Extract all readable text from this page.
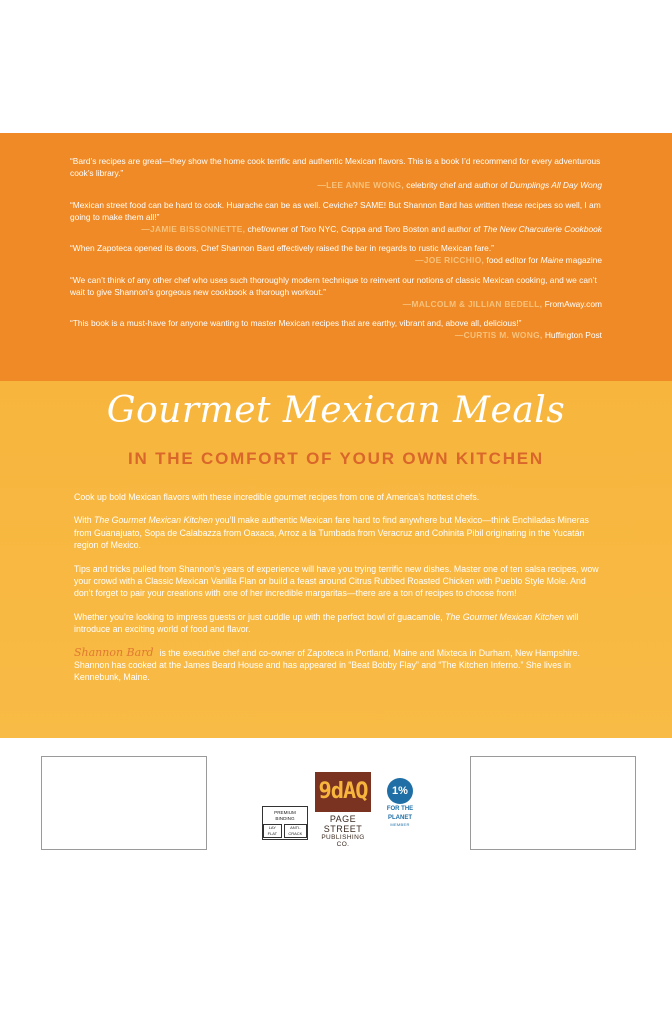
“Bard’s recipes are great—they show the home cook terrific and authentic Mexican flavors. This is a book I’d recommend for every adventurous cook’s library.”
—LEE ANNE WONG, celebrity chef and author of Dumplings All Day Wong
“Mexican street food can be hard to cook. Huarache can be as well. Ceviche? SAME! But Shannon Bard has written these recipes so well, I am going to make them all!”
—JAMIE BISSONNETTE, chef/owner of Toro NYC, Coppa and Toro Boston and author of The New Charcuterie Cookbook
“When Zapoteca opened its doors, Chef Shannon Bard effectively raised the bar in regards to rustic Mexican fare.”
—JOE RICCHIO, food editor for Maine magazine
“We can’t think of any other chef who uses such thoroughly modern technique to reinvent our notions of classic Mexican cooking, and we can’t wait to give Shannon’s gorgeous new cookbook a thorough workout.”
—MALCOLM & JILLIAN BEDELL, FromAway.com
“This book is a must-have for anyone wanting to master Mexican recipes that are earthy, vibrant and, above all, delicious!”
—CURTIS M. WONG, Huffington Post
Gourmet Mexican Meals
IN THE COMFORT OF YOUR OWN KITCHEN

Cook up bold Mexican flavors with these incredible gourmet recipes from one of America’s hottest chefs.

With The Gourmet Mexican Kitchen you’ll make authentic Mexican fare hard to find anywhere but Mexico—think Enchiladas Mineras from Guanajuato, Sopa de Calabazza from Oaxaca, Arroz a la Tumbada from Veracruz and Cohinita Pibil originating in the Yucatán region of Mexico.

Tips and tricks pulled from Shannon’s years of experience will have you trying terrific new dishes. Master one of ten salsa recipes, wow your crowd with a Classic Mexican Vanilla Flan or build a feast around Citrus Rubbed Roasted Chicken with Pueblo Style Mole. And don’t forget to pair your creations with one of her incredible margaritas—there are a ton of recipes to choose from!

Whether you’re looking to impress guests or just cuddle up with the perfect bowl of guacamole, The Gourmet Mexican Kitchen will introduce an exciting world of food and flavor.

Shannon Bard is the executive chef and co-owner of Zapoteca in Portland, Maine and Mixteca in Durham, New Hampshire. Shannon has cooked at the James Beard House and has appeared in “Beat Bobby Flay” and “The Kitchen Inferno.” She lives in Kennebunk, Maine.

PREMIUM
BINDING
LAY FLAT
ANTI-CRACK
9dAQ
PAGE STREET
PUBLISHING CO.
1%
FOR THE
PLANET
MEMBER
